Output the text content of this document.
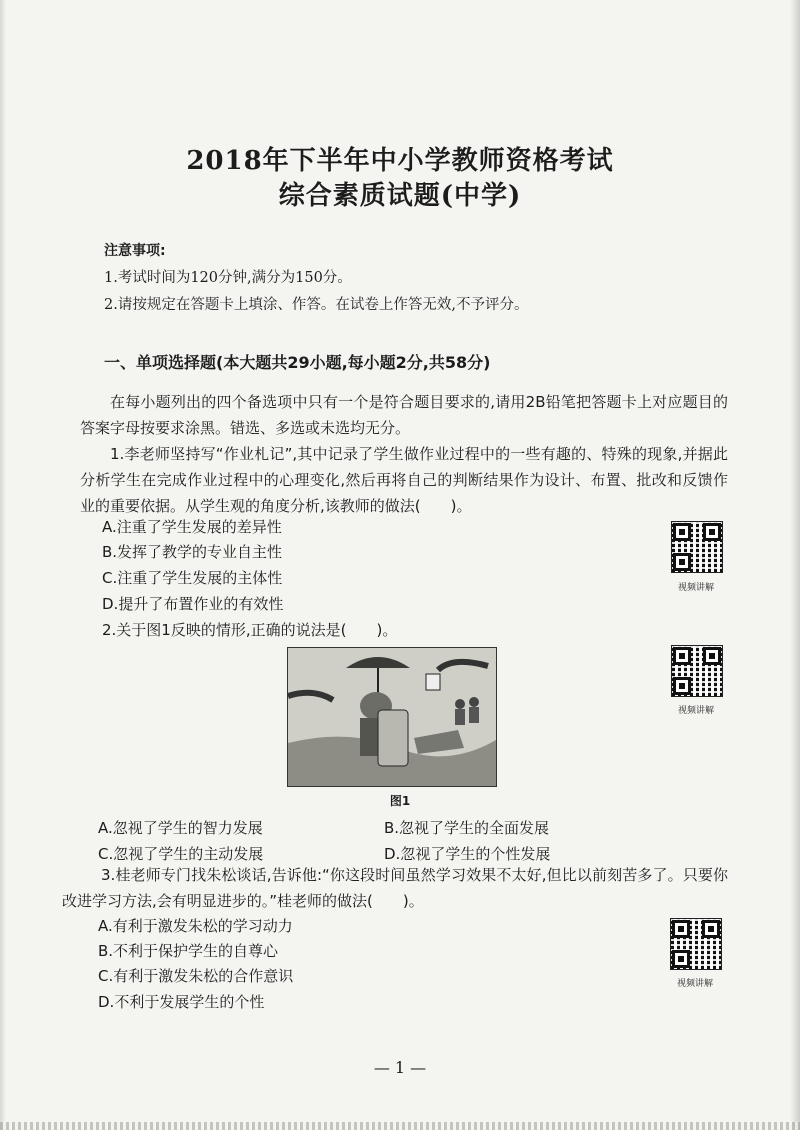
2018年下半年中小学教师资格考试
综合素质试题(中学)
注意事项:
1.考试时间为120分钟,满分为150分。
2.请按规定在答题卡上填涂、作答。在试卷上作答无效,不予评分。
一、单项选择题(本大题共29小题,每小题2分,共58分)
在每小题列出的四个备选项中只有一个是符合题目要求的,请用2B铅笔把答题卡上对应题目的答案字母按要求涂黑。错选、多选或未选均无分。
1.李老师坚持写“作业札记”,其中记录了学生做作业过程中的一些有趣的、特殊的现象,并据此分析学生在完成作业过程中的心理变化,然后再将自己的判断结果作为设计、布置、批改和反馈作业的重要依据。从学生观的角度分析,该教师的做法(　　)。
A.注重了学生发展的差异性
B.发挥了教学的专业自主性
C.注重了学生发展的主体性
D.提升了布置作业的有效性
视频讲解
2.关于图1反映的情形,正确的说法是(　　)。
图1
A.忽视了学生的智力发展	B.忽视了学生的全面发展
C.忽视了学生的主动发展	D.忽视了学生的个性发展
视频讲解
3.桂老师专门找朱松谈话,告诉他:“你这段时间虽然学习效果不太好,但比以前刻苦多了。只要你改进学习方法,会有明显进步的。”桂老师的做法(　　)。
A.有利于激发朱松的学习动力
B.不利于保护学生的自尊心
C.有利于激发朱松的合作意识
D.不利于发展学生的个性
视频讲解
— 1 —
